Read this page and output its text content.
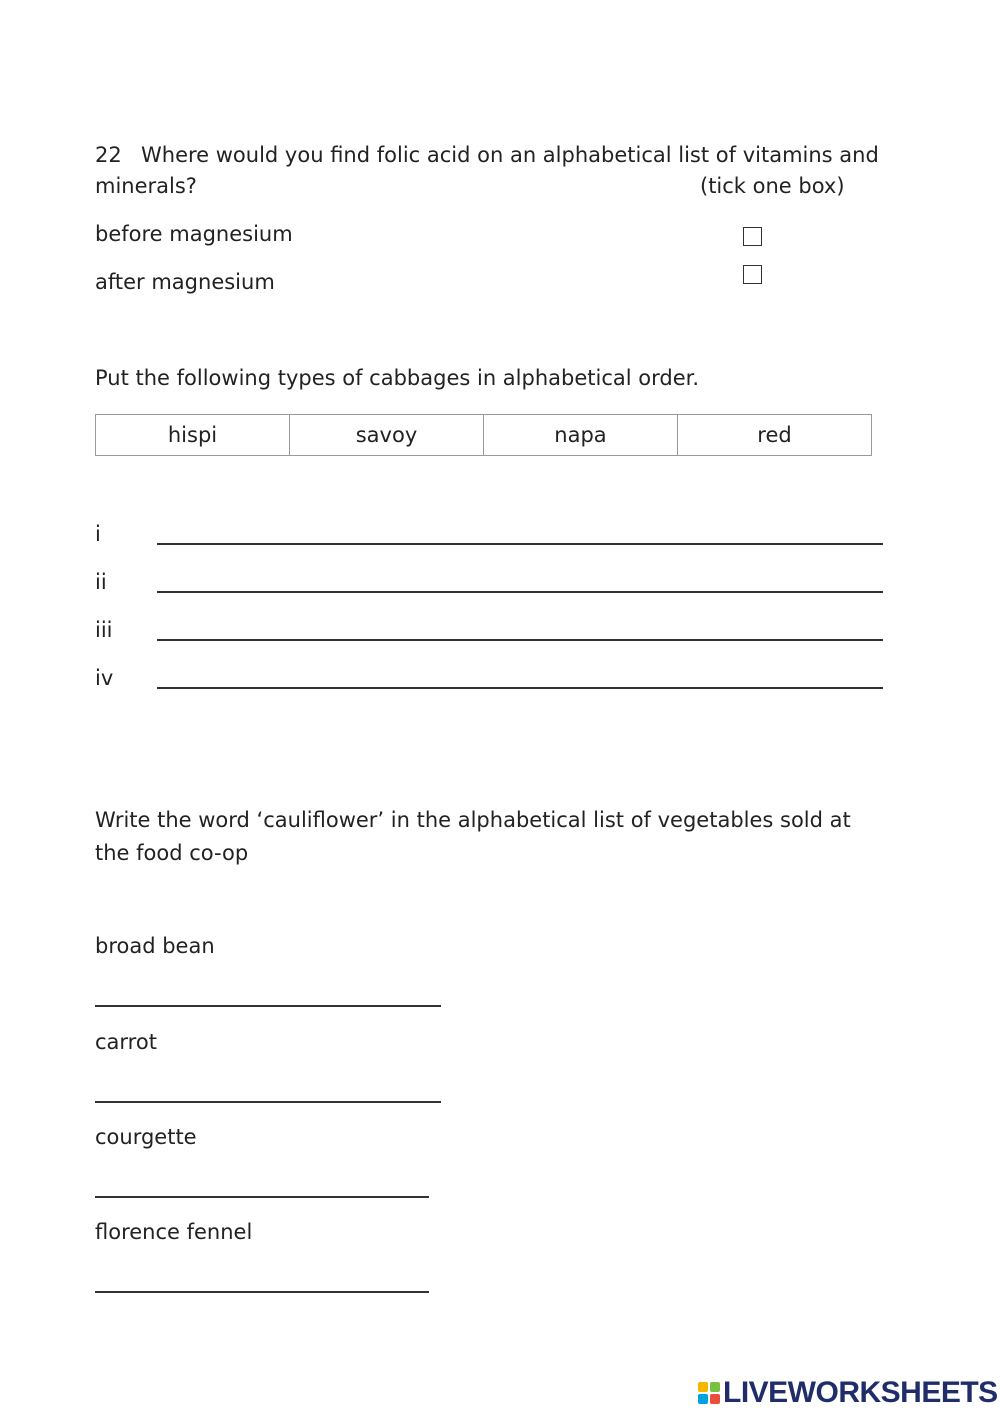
22 Where would you find folic acid on an alphabetical list of vitamins and
minerals?	(tick one box)
before magnesium
after magnesium
Put the following types of cabbages in alphabetical order.
hispi	savoy	napa	red
i
ii
iii
iv
Write the word ‘cauliflower’ in the alphabetical list of vegetables sold at
the food co-op
broad bean
carrot
courgette
florence fennel
LIVEWORKSHEETS
